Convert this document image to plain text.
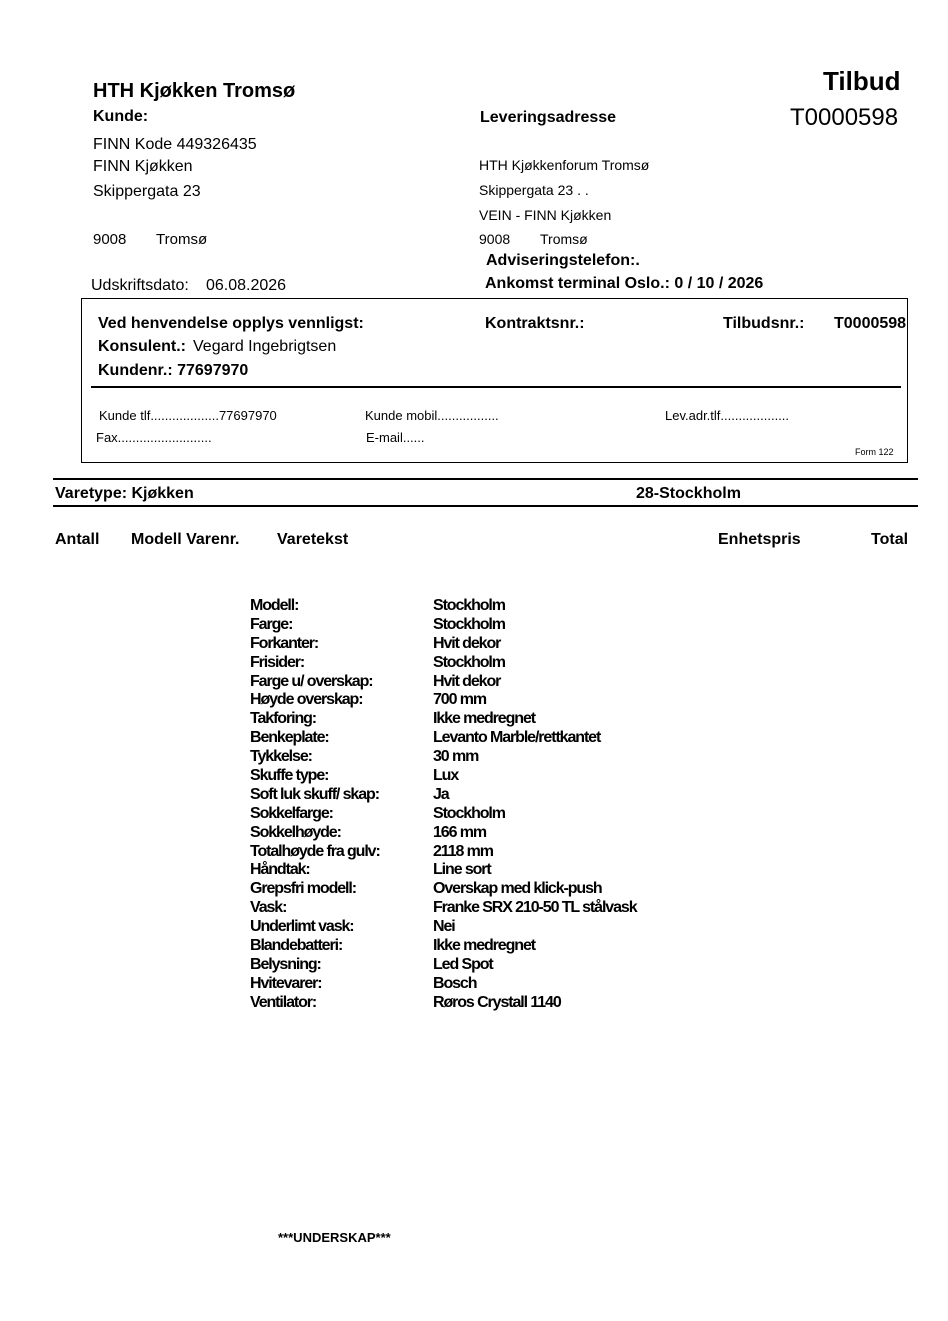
HTH Kjøkken Tromsø	Tilbud
T0000598
Kunde:
FINN Kode 449326435
FINN Kjøkken
Skippergata 23
9008 Tromsø
Udskriftsdato: 06.08.2026
Leveringsadresse
HTH Kjøkkenforum Tromsø
Skippergata 23 . .
VEIN - FINN Kjøkken
9008 Tromsø
Adviseringstelefon:.
Ankomst terminal Oslo.: 0 / 10 / 2026
Ved henvendelse opplys vennligst:	Kontraktsnr.:	Tilbudsnr.: T0000598
Konsulent.: Vegard Ingebrigtsen
Kundenr.: 77697970
Kunde tlf...................77697970	Kunde mobil.................	Lev.adr.tlf...................
Fax..........................	E-mail......
Form 122
Varetype: Kjøkken	28-Stockholm
Antall Modell Varenr. Varetekst	Enhetspris	Total
Modell:	Stockholm
Farge:	Stockholm
Forkanter:	Hvit dekor
Frisider:	Stockholm
Farge u/ overskap:	Hvit dekor
Høyde overskap:	700 mm
Takforing:	Ikke medregnet
Benkeplate:	Levanto Marble/rettkantet
Tykkelse:	30 mm
Skuffe type:	Lux
Soft luk skuff/ skap:	Ja
Sokkelfarge:	Stockholm
Sokkelhøyde:	166 mm
Totalhøyde fra gulv:	2118 mm
Håndtak:	Line sort
Grepsfri modell:	Overskap med klick-push
Vask:	Franke SRX 210-50 TL stålvask
Underlimt vask:	Nei
Blandebatteri:	Ikke medregnet
Belysning:	Led Spot
Hvitevarer:	Bosch
Ventilator:	Røros Crystall 1140
***UNDERSKAP***
